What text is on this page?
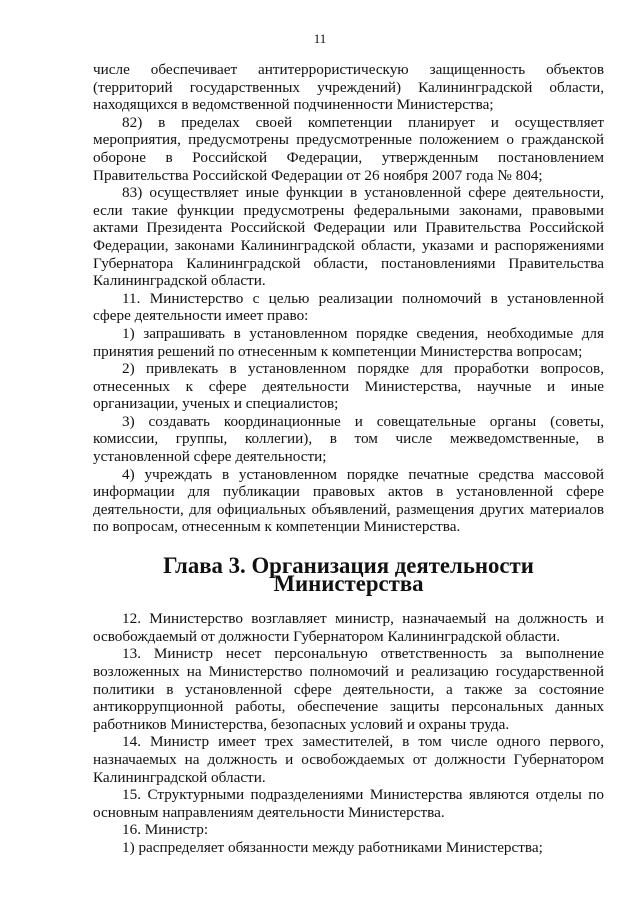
11

числе обеспечивает антитеррористическую защищенность объектов (территорий государственных учреждений) Калининградской области, находящихся в ведомственной подчиненности Министерства;

82) в пределах своей компетенции планирует и осуществляет мероприятия, предусмотрены предусмотренные положением о гражданской обороне в Российской Федерации, утвержденным постановлением Правительства Российской Федерации от 26 ноября 2007 года № 804;

83) осуществляет иные функции в установленной сфере деятельности, если такие функции предусмотрены федеральными законами, правовыми актами Президента Российской Федерации или Правительства Российской Федерации, законами Калининградской области, указами и распоряжениями Губернатора Калининградской области, постановлениями Правительства Калининградской области.

11. Министерство с целью реализации полномочий в установленной сфере деятельности имеет право:

1) запрашивать в установленном порядке сведения, необходимые для принятия решений по отнесенным к компетенции Министерства вопросам;

2) привлекать в установленном порядке для проработки вопросов, отнесенных к сфере деятельности Министерства, научные и иные организации, ученых и специалистов;

3) создавать координационные и совещательные органы (советы, комиссии, группы, коллегии), в том числе межведомственные, в установленной сфере деятельности;

4) учреждать в установленном порядке печатные средства массовой информации для публикации правовых актов в установленной сфере деятельности, для официальных объявлений, размещения других материалов по вопросам, отнесенным к компетенции Министерства.

Глава 3. Организация деятельности Министерства

12. Министерство возглавляет министр, назначаемый на должность и освобождаемый от должности Губернатором Калининградской области.

13. Министр несет персональную ответственность за выполнение возложенных на Министерство полномочий и реализацию государственной политики в установленной сфере деятельности, а также за состояние антикоррупционной работы, обеспечение защиты персональных данных работников Министерства, безопасных условий и охраны труда.

14. Министр имеет трех заместителей, в том числе одного первого, назначаемых на должность и освобождаемых от должности Губернатором Калининградской области.

15. Структурными подразделениями Министерства являются отделы по основным направлениям деятельности Министерства.

16. Министр:

1) распределяет обязанности между работниками Министерства;
